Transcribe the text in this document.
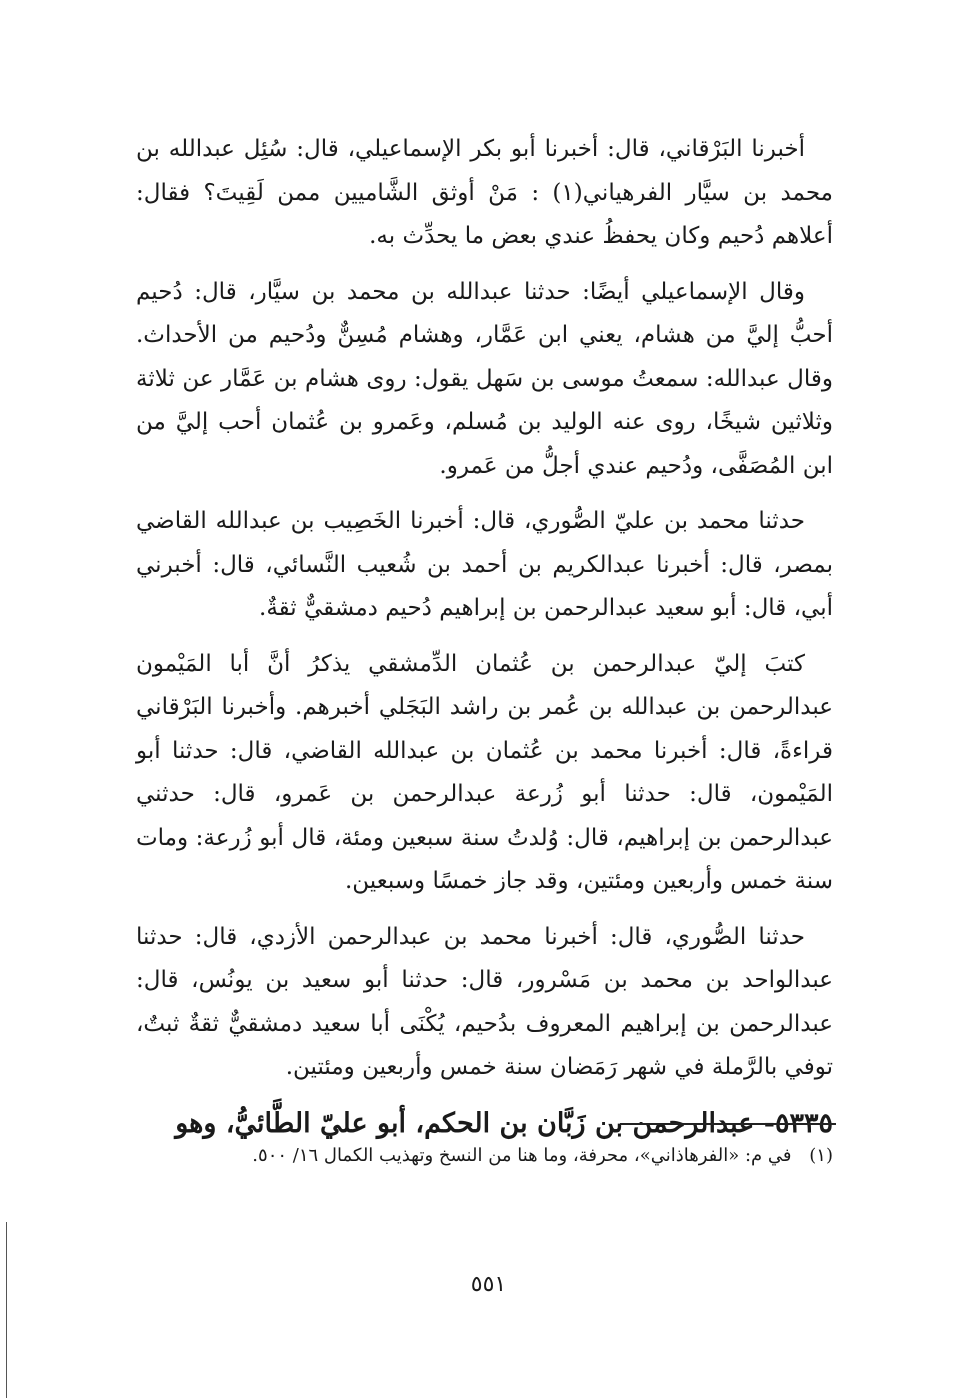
أخبرنا البَرْقاني، قال: أخبرنا أبو بكر الإسماعيلي، قال: سُئِل عبدالله بن محمد بن سيَّار الفرهياني(١) : مَنْ أوثق الشَّاميين ممن لَقِيتَ؟ فقال: أعلاهم دُحيم وكان يحفظُ عندي بعض ما يحدِّث به.

وقال الإسماعيلي أيضًا: حدثنا عبدالله بن محمد بن سيَّار، قال: دُحيم أحبُّ إليَّ من هشام، يعني ابن عَمَّار، وهشام مُسِنٌّ ودُحيم من الأحداث. وقال عبدالله: سمعتُ موسى بن سَهل يقول: روى هشام بن عَمَّار عن ثلاثة وثلاثين شيخًا، روى عنه الوليد بن مُسلم، وعَمرو بن عُثمان أحب إليَّ من ابن المُصَفَّى، ودُحيم عندي أجلُّ من عَمرو.

حدثنا محمد بن عليّ الصُّوري، قال: أخبرنا الخَصِيب بن عبدالله القاضي بمصر، قال: أخبرنا عبدالكريم بن أحمد بن شُعيب النَّسائي، قال: أخبرني أبي، قال: أبو سعيد عبدالرحمن بن إبراهيم دُحيم دمشقيٌّ ثقةٌ.

كتبَ إليّ عبدالرحمن بن عُثمان الدِّمشقي يذكرُ أنَّ أبا المَيْمون عبدالرحمن بن عبدالله بن عُمر بن راشد البَجَلي أخبرهم. وأخبرنا البَرْقاني قراءةً، قال: أخبرنا محمد بن عُثمان بن عبدالله القاضي، قال: حدثنا أبو المَيْمون، قال: حدثنا أبو زُرعة عبدالرحمن بن عَمرو، قال: حدثني عبدالرحمن بن إبراهيم، قال: وُلدتُ سنة سبعين ومئة، قال أبو زُرعة: ومات سنة خمس وأربعين ومئتين، وقد جاز خمسًا وسبعين.

حدثنا الصُّوري، قال: أخبرنا محمد بن عبدالرحمن الأزدي، قال: حدثنا عبدالواحد بن محمد بن مَسْرور، قال: حدثنا أبو سعيد بن يونُس، قال: عبدالرحمن بن إبراهيم المعروف بدُحيم، يُكْنَى أبا سعيد دمشقيٌّ ثقةٌ ثبتٌ، توفي بالرَّملة في شهر رَمَضان سنة خمس وأربعين ومئتين.

٥٣٣٥- عبدالرحمن بن زَبَّان بن الحكم، أبو عليّ الطَّائيُّ، وهو

(١) في م: «الفرهاذاني»، محرفة، وما هنا من النسخ وتهذيب الكمال ١٦/ ٥٠٠.
٥٥١
